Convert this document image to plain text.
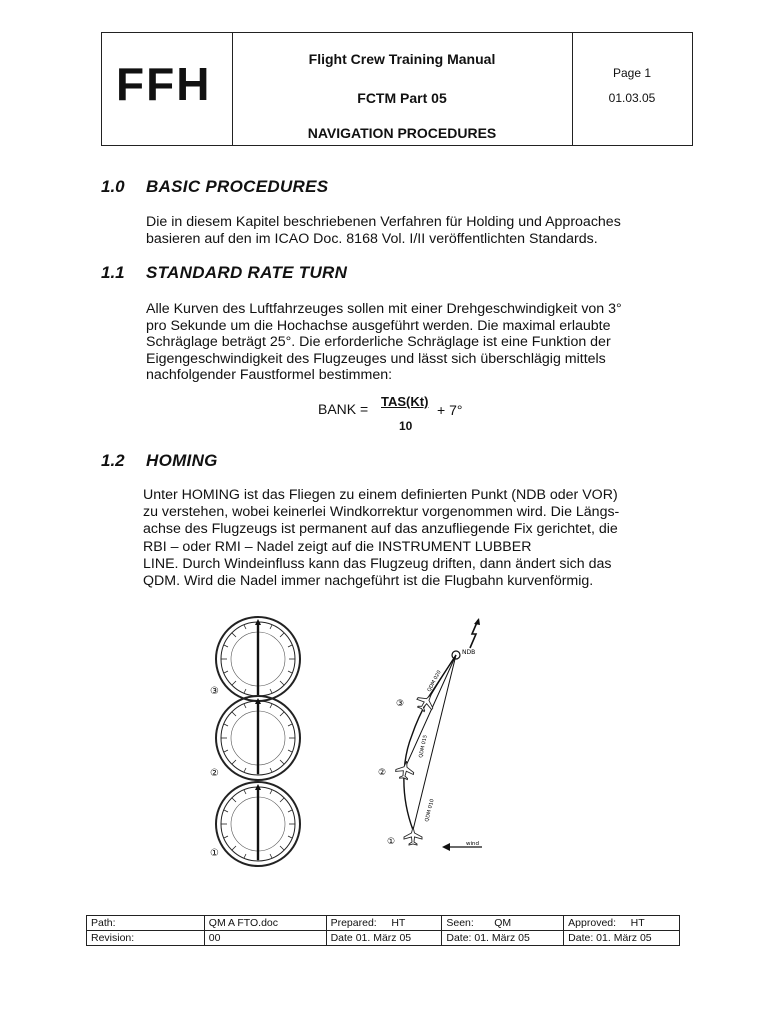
FFH	Flight Crew Training Manual
FCTM Part 05
NAVIGATION PROCEDURES
Page 1
01.03.05
1.0 BASIC PROCEDURES
Die in diesem Kapitel beschriebenen Verfahren für Holding und Approaches
basieren auf den im ICAO Doc. 8168 Vol. I/II veröffentlichten Standards.
1.1 STANDARD RATE TURN
Alle Kurven des Luftfahrzeuges sollen mit einer Drehgeschwindigkeit von 3°
pro Sekunde um die Hochachse ausgeführt werden. Die maximal erlaubte
Schräglage beträgt 25°. Die erforderliche Schräglage ist eine Funktion der
Eigengeschwindigkeit des Flugzeuges und lässt sich überschlägig mittels
nachfolgender Faustformel bestimmen:
BANK = TAS(Kt)
+ 7°
10
1.2 HOMING
Unter HOMING ist das Fliegen zu einem definierten Punkt (NDB oder VOR)
zu verstehen, wobei keinerlei Windkorrektur vorgenommen wird. Die Längs-
achse des Flugzeugs ist permanent auf das anzufliegende Fix gerichtet, die
RBI – oder RMI – Nadel zeigt auf die INSTRUMENT LUBBER
LINE. Durch Windeinfluss kann das Flugzeug driften, dann ändert sich das
QDM. Wird die Nadel immer nachgeführt ist die Flugbahn kurvenförmig.
③
②
①
NDB
QDM 020
QDM 015
QDM 010
③
②
①	wind
Path:	QM A FTO.doc	Prepared: HT	Seen: QM	Approved: HT
Revision:	00	Date 01. März 05	Date: 01. März 05	Date: 01. März 05
